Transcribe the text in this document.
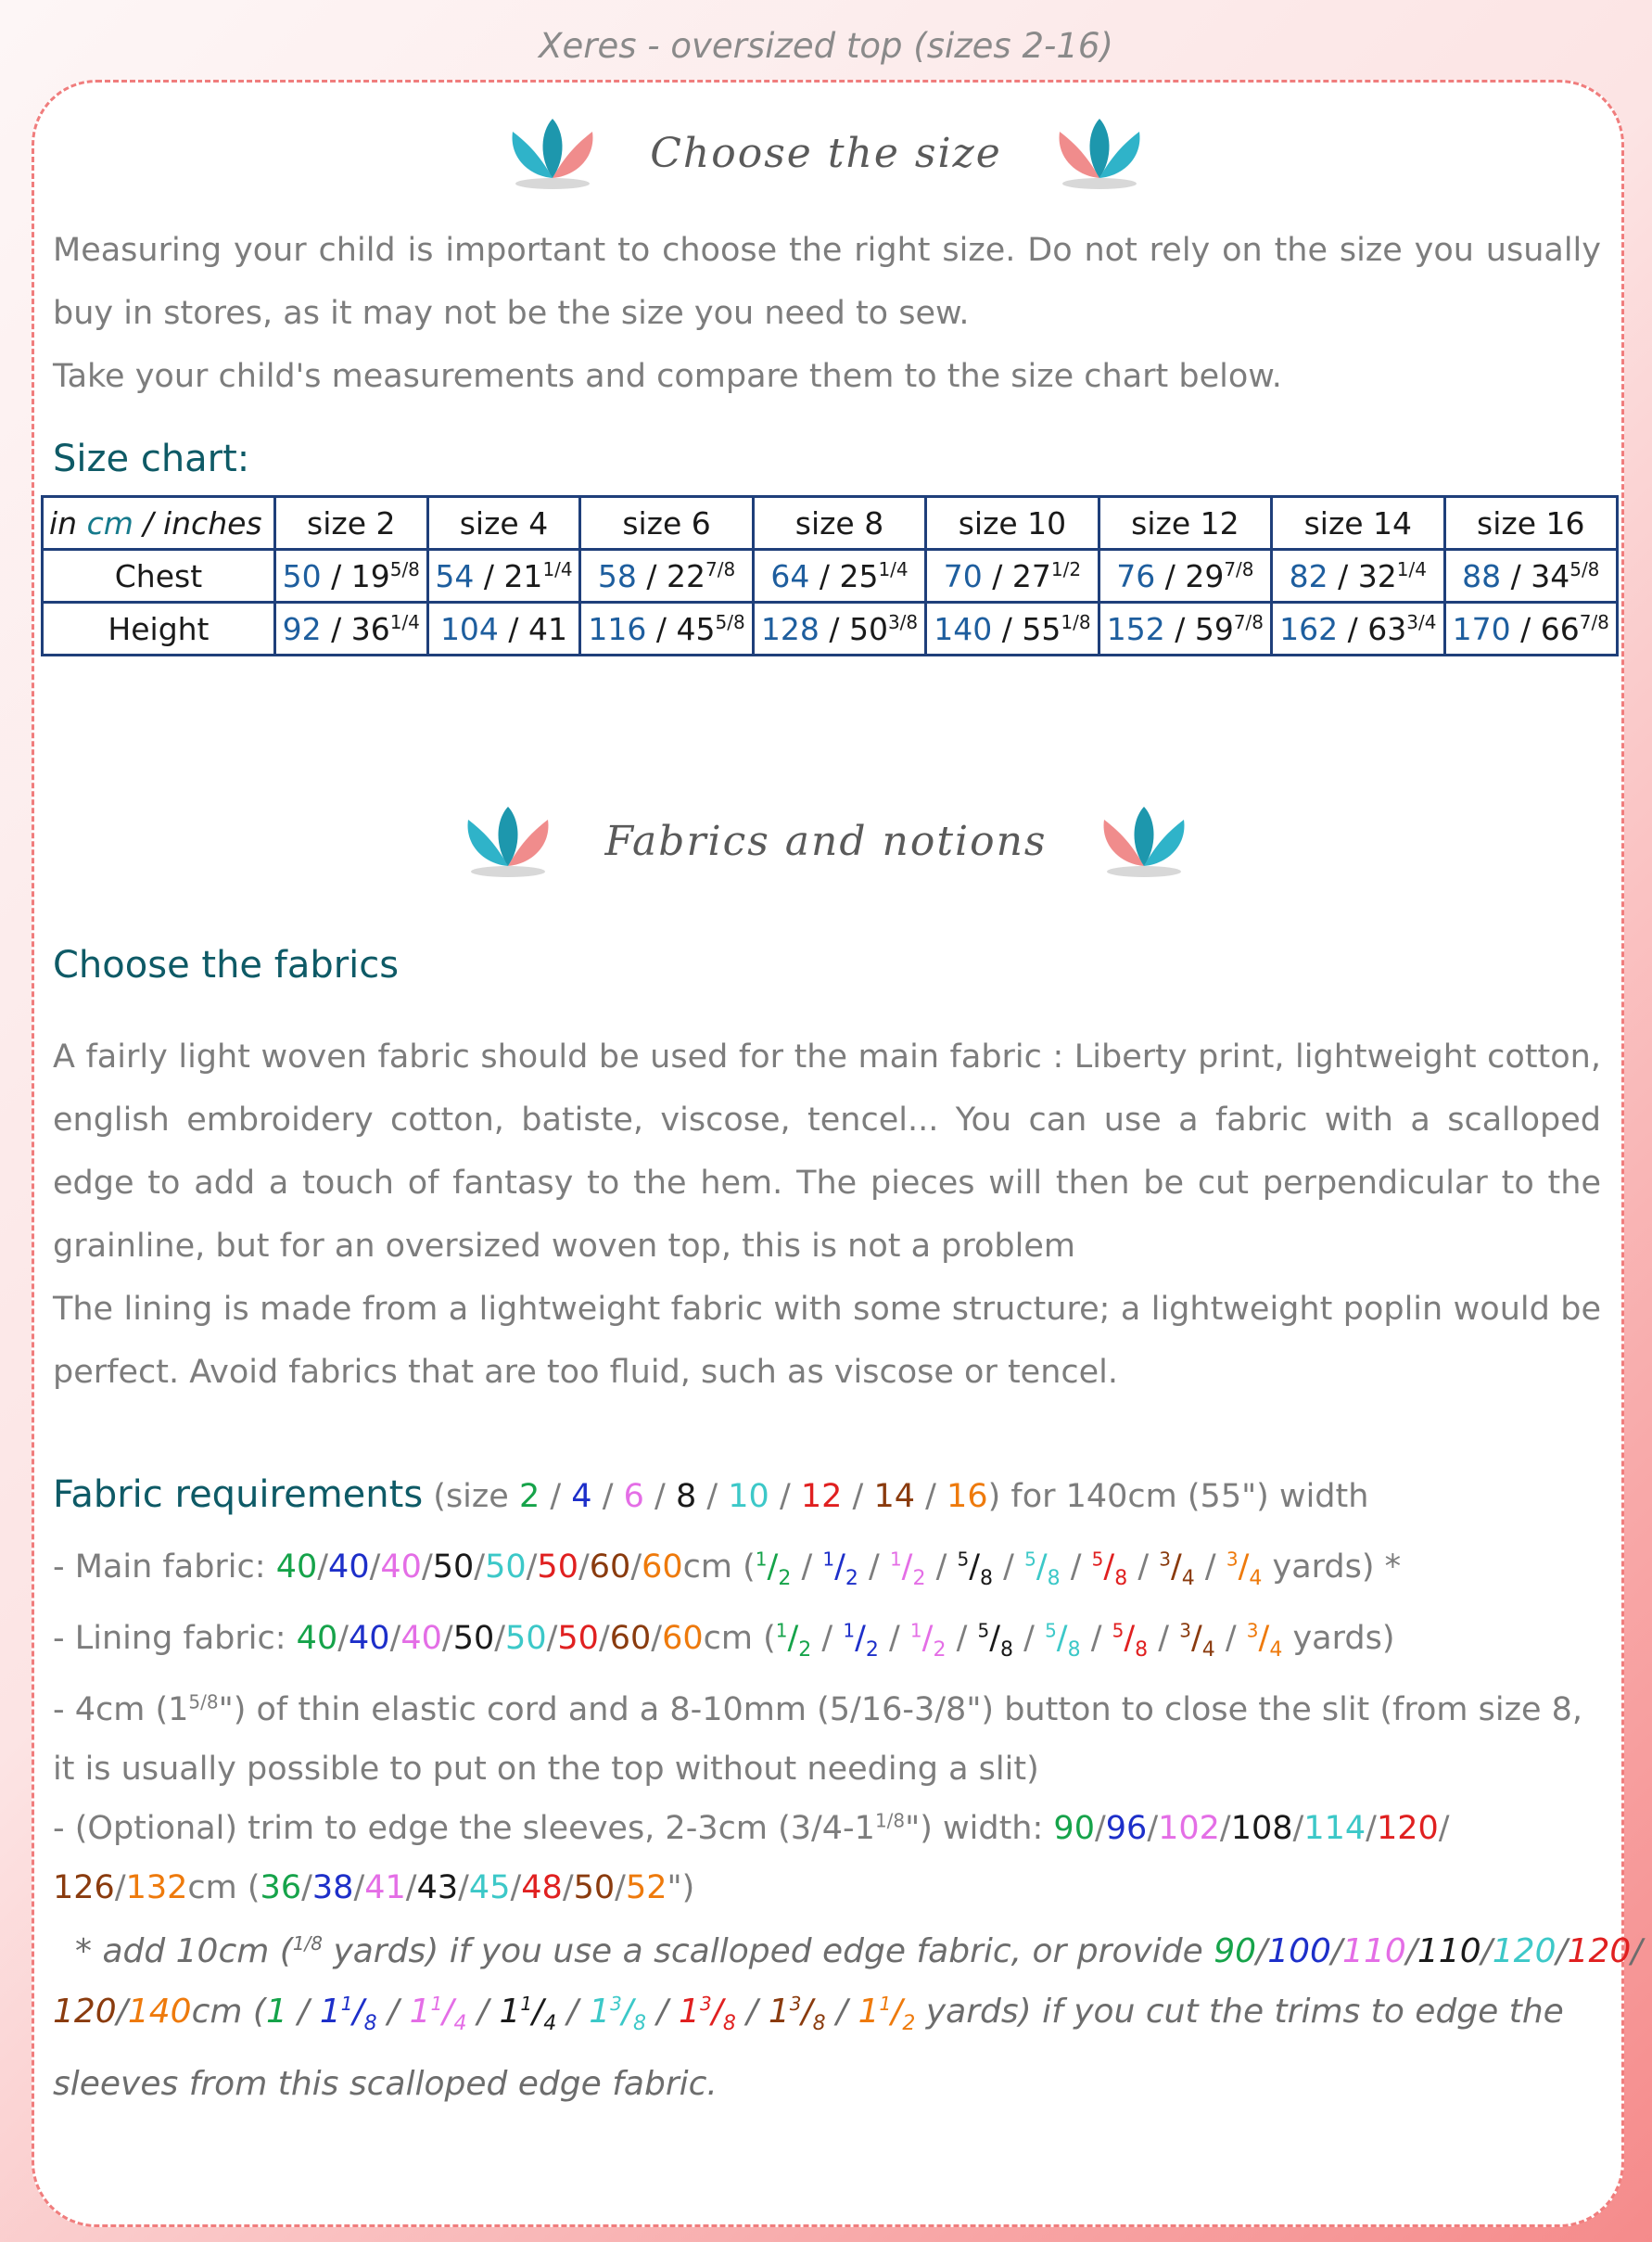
Xeres - oversized top (sizes 2-16)
Choose the size

Measuring your child is important to choose the right size. Do not rely on the size you usually buy in stores, as it may not be the size you need to sew.

Take your child's measurements and compare them to the size chart below.

Size chart:
in cm / inches	size 2	size 4	size 6	size 8	size 10	size 12	size 14	size 16
Chest	$50 / 19^{5/8}$	$54 / 21^{1/4}$	$58 / 22^{7/8}$	$64 / 25^{1/4}$	$70 / 27^{1/2}$	$76 / 29^{7/8}$	$82 / 32^{1/4}$	$88 / 34^{5/8}$
Height	$92 / 36^{1/4}$	104 / 41	$116 / 45^{5/8}$	$128 / 50^{3/8}$	$140 / 55^{1/8}$	$152 / 59^{7/8}$	$162 / 63^{3/4}$	$170 / 66^{7/8}$
Fabrics and notions
Choose the fabrics

A fairly light woven fabric should be used for the main fabric : Liberty print, lightweight cotton, english embroidery cotton, batiste, viscose, tencel... You can use a fabric with a scalloped edge to add a touch of fantasy to the hem. The pieces will then be cut perpendicular to the grainline, but for an oversized woven top, this is not a problem

The lining is made from a lightweight fabric with some structure; a lightweight poplin would be perfect. Avoid fabrics that are too fluid, such as viscose or tencel.

Fabric requirements (size 2 / 4 / 6 / 8 / 10 / 12 / 14 / 16) for 140cm (55") width
- Main fabric: 40/40/40/50/50/50/60/60cm ($^1/_2 / ^1/_2 / ^1/_2 / ^5/_8 / ^5/_8 / ^5/_8 / ^3/_4 / ^3/_4$ yards) *
- Lining fabric: 40/40/40/50/50/50/60/60cm ($^1/_2 / ^1/_2 / ^1/_2 / ^5/_8 / ^5/_8 / ^5/_8 / ^3/_4 / ^3/_4$ yards)
- 4cm $(1^{5/8}")$ of thin elastic cord and a 8-10mm (5/16-3/8") button to close the slit (from size 8,
it is usually possible to put on the top without needing a slit)
- (Optional) trim to edge the sleeves, 2-3cm $(3/4-1^{1/8}")$ width: 90/96/102/108/114/120/
126/132cm (36/38/41/43/45/48/50/52")
* add 10cm ($^{1/8}$ yards) if you use a scalloped edge fabric, or provide 90/100/110/110/120/120/
120/140cm ($1 / 1^1/_8 / 1^1/_4 / 1^1/_4 / 1^3/_8 / 1^3/_8 / 1^3/_8 / 1^1/_2$ yards) if you cut the trims to edge the
sleeves from this scalloped edge fabric.
